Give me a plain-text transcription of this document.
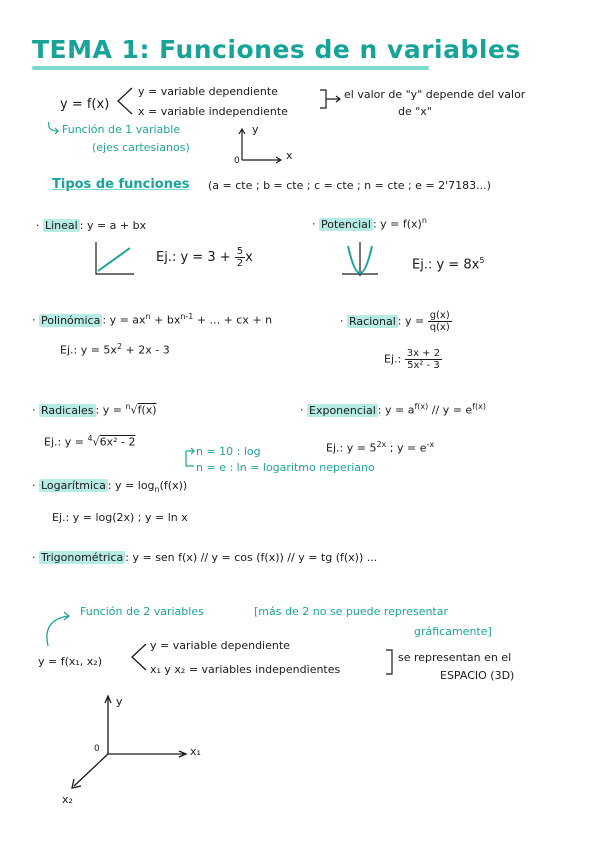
TEMA 1: Funciones de n variables
y = f(x)
y = variable dependiente
x = variable independiente
el valor de "y" depende del valor
de "x"
Función de 1 variable
(ejes cartesianos)
y
x
0
Tipos de funciones (a = cte ; b = cte ; c = cte ; n = cte ; e = 2'7183...)
· Lineal : y = a + bx
Ej.: $y = 3 + \frac{5}{2}$ x
· Potencial : $y = f(x)^n$
Ej.: $y = 8x^5$
· Polinómica : $y = ax^n + bx^{n-1}$ + ... + cx + n
Ej.: $y = 5x^2 + 2x - 3$
· Racional : $y = \frac{g(x)}{q(x)}$
Ej.: $\frac{3x + 2}{\text{5x² - 3}}$
· Radicales : y = $^n$√f(x)
Ej.: y = $^4$√6x² - 2
· Exponencial : $y = a^{f(x)} // y = e^{f(x)}$
Ej.: $y = 5^{2x}$ ; $y = e^{-x}$
n = 10 : log
n = e : ln = logaritmo neperiano
· Logarítmica : $y = \log_n(f(x))$
Ej.: y = log(2x) ; y = ln x
· Trigonométrica : y = sen f(x) // y = cos (f(x)) // y = tg (f(x)) ...
Función de 2 variables	[más de 2 no se puede representar
gráficamente]
y = f(x₁, x₂)
y = variable dependiente
x₁ y x₂ = variables independientes
se representan en el
ESPACIO (3D)
y
x₁
x₂
0
